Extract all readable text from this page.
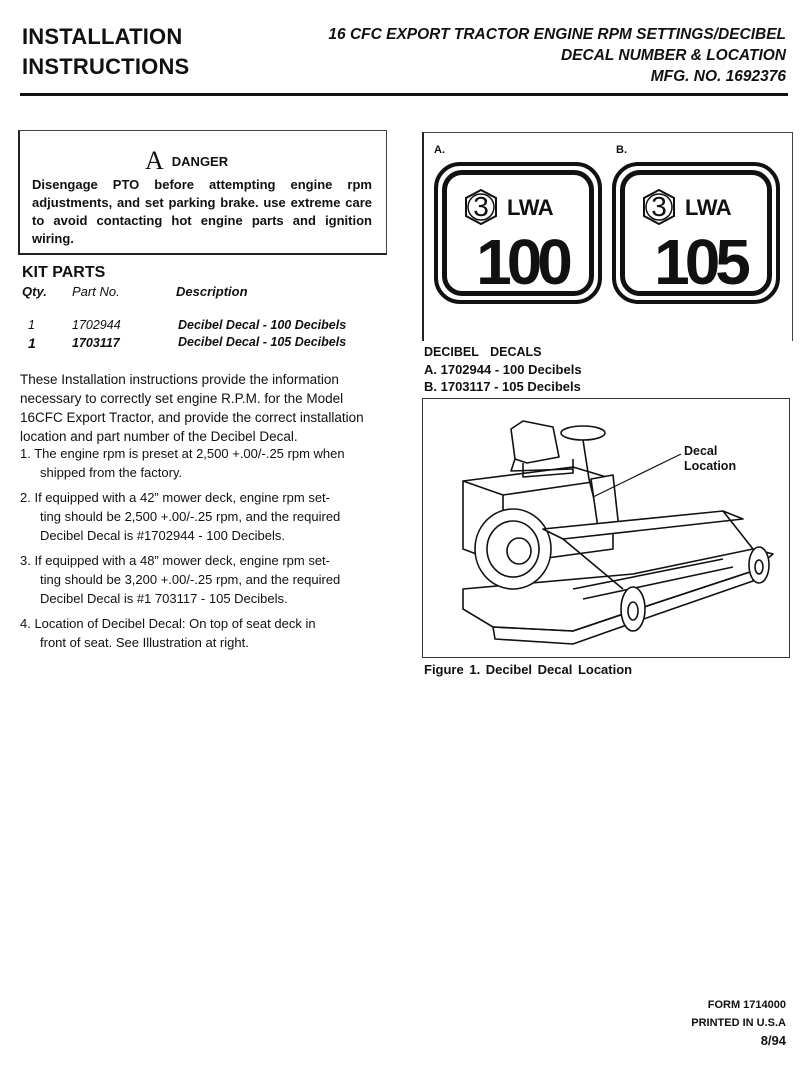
INSTALLATION
INSTRUCTIONS
16 CFC EXPORT TRACTOR ENGINE RPM SETTINGS/DECIBEL
DECAL NUMBER & LOCATION
MFG. NO. 1692376
ADANGER
Disengage PTO before attempting engine rpm adjustments, and set parking brake. use extreme care to avoid contacting hot engine parts and ignition wiring.
KIT PARTS
Qty. Part No.	Description
1	1702944	Decibel Decal - 100 Decibels
1	1703117	Decibel Decal - 105 Decibels
These Installation instructions provide the information necessary to correctly set engine R.P.M. for the Model 16CFC Export Tractor, and provide the correct installation location and part number of the Decibel Decal.
1. The engine rpm is preset at 2,500 +.00/-.25 rpm when
shipped from the factory.
2. If equipped with a 42” mower deck, engine rpm set-
ting should be 2,500 +.00/-.25 rpm, and the required
Decibel Decal is #1702944 - 100 Decibels.
3. If equipped with a 48” mower deck, engine rpm set-
ting should be 3,200 +.00/-.25 rpm, and the required
Decibel Decal is #1 703117 - 105 Decibels.
4. Location of Decibel Decal: On top of seat deck in
front of seat. See Illustration at right.
A.	B.
3 LWA
100
3 LWA
105
DECIBEL DECALS
A. 1702944 - 100 Decibels
B. 1703117 - 105 Decibels
Decal
Location
Figure 1. Decibel Decal Location
FORM 1714000
PRINTED IN U.S.A
8/94
